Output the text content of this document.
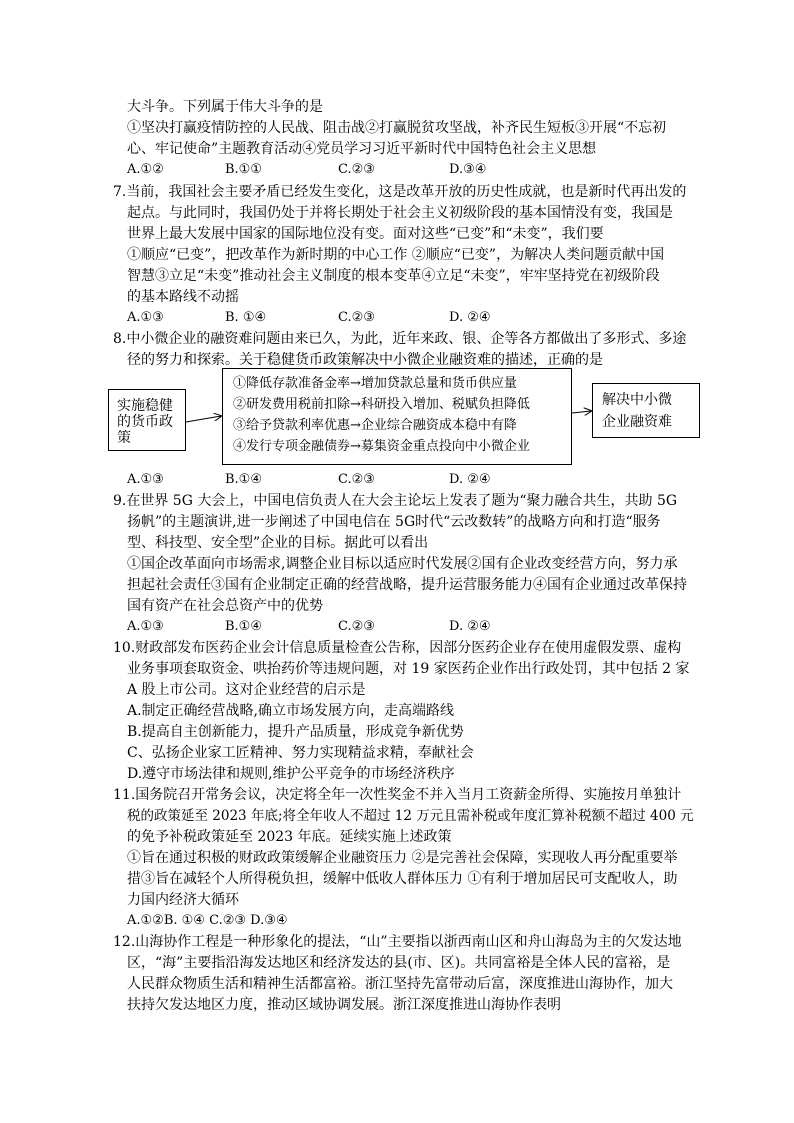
大斗争。下列属于伟大斗争的是
①坚决打赢疫情防控的人民战、阻击战②打赢脱贫攻坚战，补齐民生短板③开展“不忘初
心、牢记使命”主题教育活动④党员学习习近平新时代中国特色社会主义思想
A.①②	B.①①	C.②③	D.③④
7.当前，我国社会主要矛盾已经发生变化，这是改革开放的历史性成就，也是新时代再出发的
起点。与此同时，我国仍处于并将长期处于社会主义初级阶段的基本国情没有变，我国是
世界上最大发展中国家的国际地位没有变。面对这些“已变”和“未变”，我们要
①顺应“已变”，把改革作为新时期的中心工作 ②顺应“已变”，为解决人类问题贡献中国
智慧③立足“未变”推动社会主义制度的根本变革④立足“未变”，牢牢坚持党在初级阶段
的基本路线不动摇
A.①③	B. ①④	C.②③	D. ②④
8.中小微企业的融资难问题由来已久，为此，近年来政、银、企等各方都做出了多形式、多途
径的努力和探索。关于稳健货币政策解决中小微企业融资难的描述，正确的是
实施稳健
的货币政
策
①降低存款准备金率→增加贷款总量和货币供应量
②研发费用税前扣除→科研投入增加、税赋负担降低
③给予贷款利率优惠→企业综合融资成本稳中有降
④发行专项金融债券→募集资金重点投向中小微企业
解决中小微
企业融资难
A.①③	B.①④	C.②③	D. ②④
9.在世界 5G 大会上，中国电信负责人在大会主论坛上发表了题为“聚力融合共生，共助 5G
扬帆”的主题演讲,进一步阐述了中国电信在 5G时代“云改数转”的战略方向和打造“服务
型、科技型、安全型”企业的目标。据此可以看出
①国企改革面向市场需求,调整企业目标以适应时代发展②国有企业改变经营方向，努力承
担起社会责任③国有企业制定正确的经营战略，提升运营服务能力④国有企业通过改革保持
国有资产在社会总资产中的优势
A.①③	B.①④	C.②③	D. ②④
10.财政部发布医药企业会计信息质量检查公告称，因部分医药企业存在使用虚假发票、虚构
业务事项套取资金、哄抬药价等违规问题，对 19 家医药企业作出行政处罚，其中包括 2 家
A 股上市公司。这对企业经营的启示是
A.制定正确经营战略,确立市场发展方向，走高端路线
B.提高自主创新能力，提升产品质量，形成竞争新优势
C、弘扬企业家工匠精神、努力实现精益求精，奉献社会
D.遵守市场法律和规则,维护公平竞争的市场经济秩序
11.国务院召开常务会议，决定将全年一次性奖金不并入当月工资薪金所得、实施按月单独计
税的政策延至 2023 年底;将全年收人不超过 12 万元且需补税或年度汇算补税额不超过 400 元
的免予补税政策延至 2023 年底。延续实施上述政策
①旨在通过积极的财政政策缓解企业融资压力 ②是完善社会保障，实现收人再分配重要举
措③旨在减轻个人所得税负担，缓解中低收人群体压力 ①有利于增加居民可支配收人，助
力国内经济大循环
A.①②B. ①④ C.②③ D.③④
12.山海协作工程是一种形象化的提法，“山”主要指以浙西南山区和舟山海岛为主的欠发达地
区，“海”主要指沿海发达地区和经济发达的县(市、区)。共同富裕是全体人民的富裕，是
人民群众物质生活和精神生活都富裕。浙江坚持先富带动后富，深度推进山海协作，加大
扶持欠发达地区力度，推动区域协调发展。浙江深度推进山海协作表明
